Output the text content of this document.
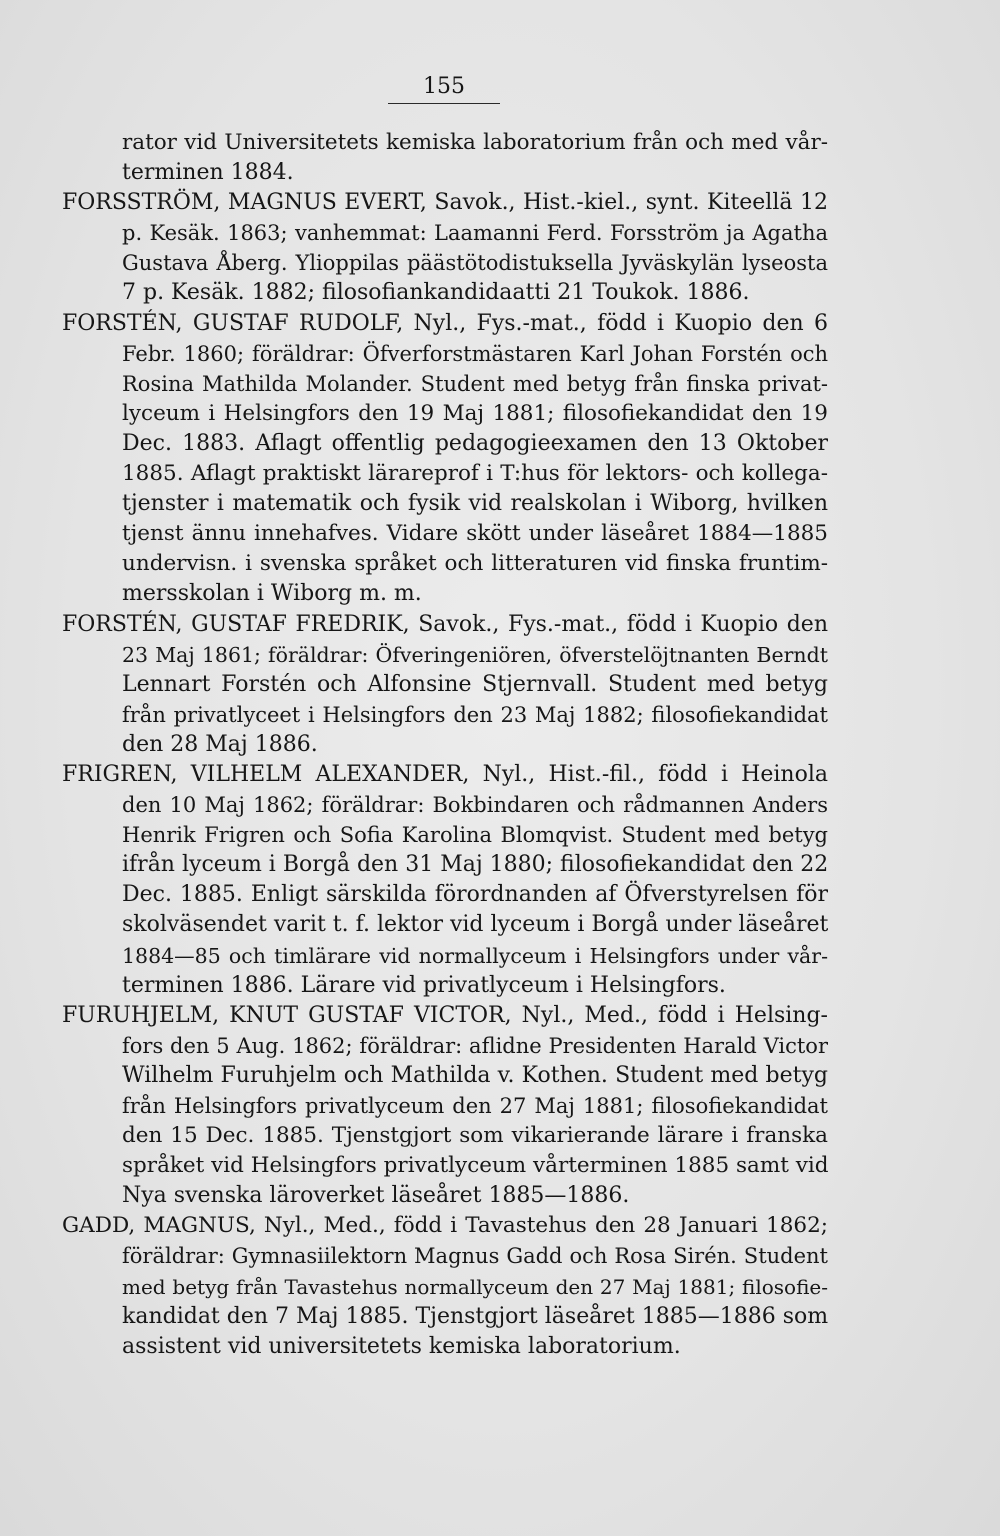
155
rator vid Universitetets kemiska laboratorium från och med vår-
terminen 1884.
FORSSTRÖM, MAGNUS EVERT, Savok., Hist.-kiel., synt. Kiteellä 12
p. Kesäk. 1863; vanhemmat: Laamanni Ferd. Forsström ja Agatha
Gustava Åberg. Ylioppilas päästötodistuksella Jyväskylän lyseosta
7 p. Kesäk. 1882; filosofiankandidaatti 21 Toukok. 1886.
FORSTÉN, GUSTAF RUDOLF, Nyl., Fys.-mat., född i Kuopio den 6
Febr. 1860; föräldrar: Öfverforstmästaren Karl Johan Forstén och
Rosina Mathilda Molander. Student med betyg från finska privat-
lyceum i Helsingfors den 19 Maj 1881; filosofiekandidat den 19
Dec. 1883. Aflagt offentlig pedagogieexamen den 13 Oktober
1885. Aflagt praktiskt lärareprof i T:hus för lektors- och kollega-
tjenster i matematik och fysik vid realskolan i Wiborg, hvilken
tjenst ännu innehafves. Vidare skött under läseåret 1884—1885
undervisn. i svenska språket och litteraturen vid finska fruntim-
mersskolan i Wiborg m. m.
FORSTÉN, GUSTAF FREDRIK, Savok., Fys.-mat., född i Kuopio den
23 Maj 1861; föräldrar: Öfveringeniören, öfverstelöjtnanten Berndt
Lennart Forstén och Alfonsine Stjernvall. Student med betyg
från privatlyceet i Helsingfors den 23 Maj 1882; filosofiekandidat
den 28 Maj 1886.
FRIGREN, VILHELM ALEXANDER, Nyl., Hist.-fil., född i Heinola
den 10 Maj 1862; föräldrar: Bokbindaren och rådmannen Anders
Henrik Frigren och Sofia Karolina Blomqvist. Student med betyg
ifrån lyceum i Borgå den 31 Maj 1880; filosofiekandidat den 22
Dec. 1885. Enligt särskilda förordnanden af Öfverstyrelsen för
skolväsendet varit t. f. lektor vid lyceum i Borgå under läseåret
1884—85 och timlärare vid normallyceum i Helsingfors under vår-
terminen 1886. Lärare vid privatlyceum i Helsingfors.
FURUHJELM, KNUT GUSTAF VICTOR, Nyl., Med., född i Helsing-
fors den 5 Aug. 1862; föräldrar: aflidne Presidenten Harald Victor
Wilhelm Furuhjelm och Mathilda v. Kothen. Student med betyg
från Helsingfors privatlyceum den 27 Maj 1881; filosofiekandidat
den 15 Dec. 1885. Tjenstgjort som vikarierande lärare i franska
språket vid Helsingfors privatlyceum vårterminen 1885 samt vid
Nya svenska läroverket läseåret 1885—1886.
GADD, MAGNUS, Nyl., Med., född i Tavastehus den 28 Januari 1862;
föräldrar: Gymnasiilektorn Magnus Gadd och Rosa Sirén. Student
med betyg från Tavastehus normallyceum den 27 Maj 1881; filosofie-
kandidat den 7 Maj 1885. Tjenstgjort läseåret 1885—1886 som
assistent vid universitetets kemiska laboratorium.
